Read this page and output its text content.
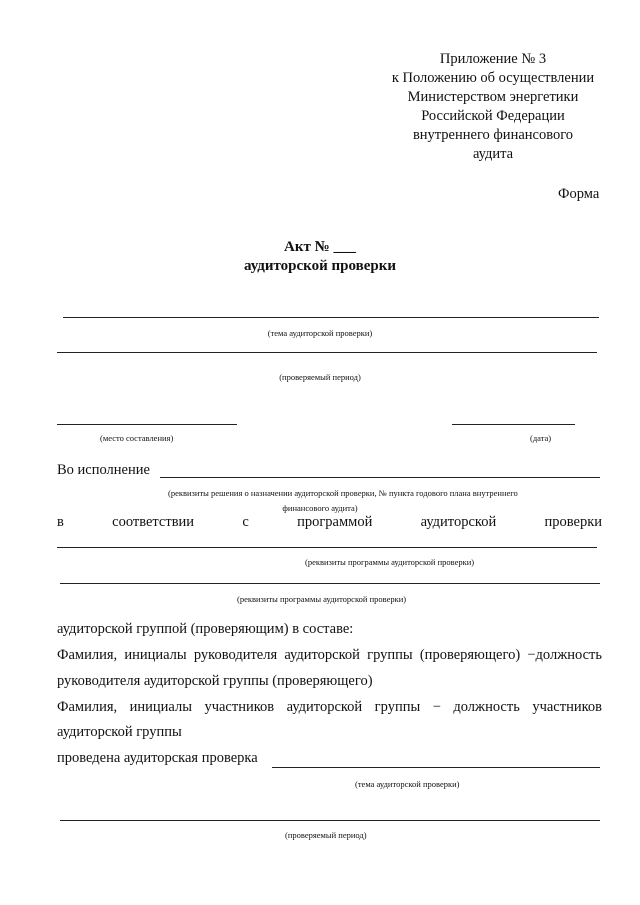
Приложение № 3
к Положению об осуществлении
Министерством энергетики
Российской Федерации
внутреннего финансового
аудита
Форма
Акт № ___
аудиторской проверки
(тема аудиторской проверки)
(проверяемый период)
(место составления)	(дата)
Во исполнение
(реквизиты решения о назначении аудиторской проверки, № пункта годового плана внутреннего
финансового аудита)
в	соответствии	с	программой	аудиторской	проверки
(реквизиты программы аудиторской проверки)
(реквизиты программы аудиторской проверки)
аудиторской группой (проверяющим) в составе:
Фамилия, инициалы руководителя аудиторской группы (проверяющего) −должность
руководителя аудиторской группы (проверяющего)
Фамилия, инициалы участников аудиторской группы − должность участников
аудиторской группы
проведена аудиторская проверка
(тема аудиторской проверки)
(проверяемый период)
